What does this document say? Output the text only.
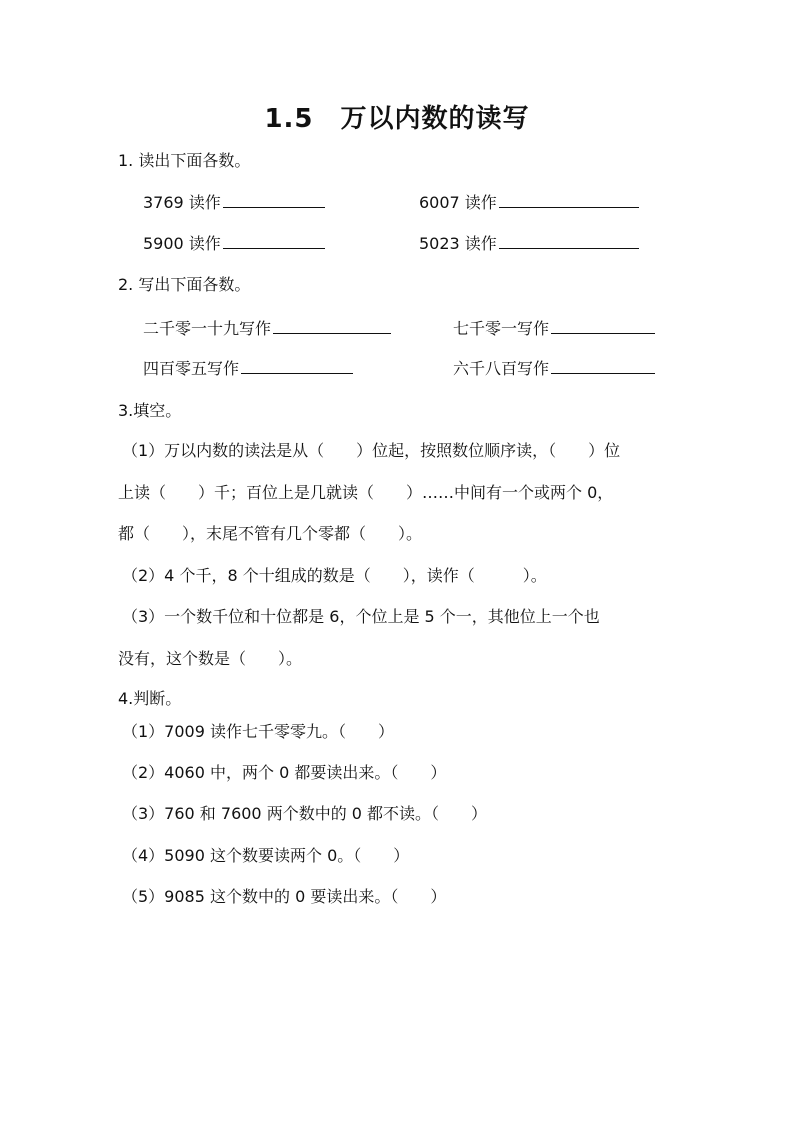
1.5　万以内数的读写
1. 读出下面各数。
3769 读作	6007 读作
5900 读作	5023 读作
2. 写出下面各数。
二千零一十九写作	七千零一写作
四百零五写作	六千八百写作
3.填空。
（1）万以内数的读法是从（　　）位起，按照数位顺序读，（　　）位
上读（　　）千；百位上是几就读（　　）……中间有一个或两个 0，
都（　　），末尾不管有几个零都（　　）。
（2）4 个千，8 个十组成的数是（　　），读作（　　　）。
（3）一个数千位和十位都是 6，个位上是 5 个一，其他位上一个也
没有，这个数是（　　）。
4.判断。
（1）7009 读作七千零零九。（　　）
（2）4060 中，两个 0 都要读出来。（　　）
（3）760 和 7600 两个数中的 0 都不读。（　　）
（4）5090 这个数要读两个 0。（　　）
（5）9085 这个数中的 0 要读出来。（　　）
